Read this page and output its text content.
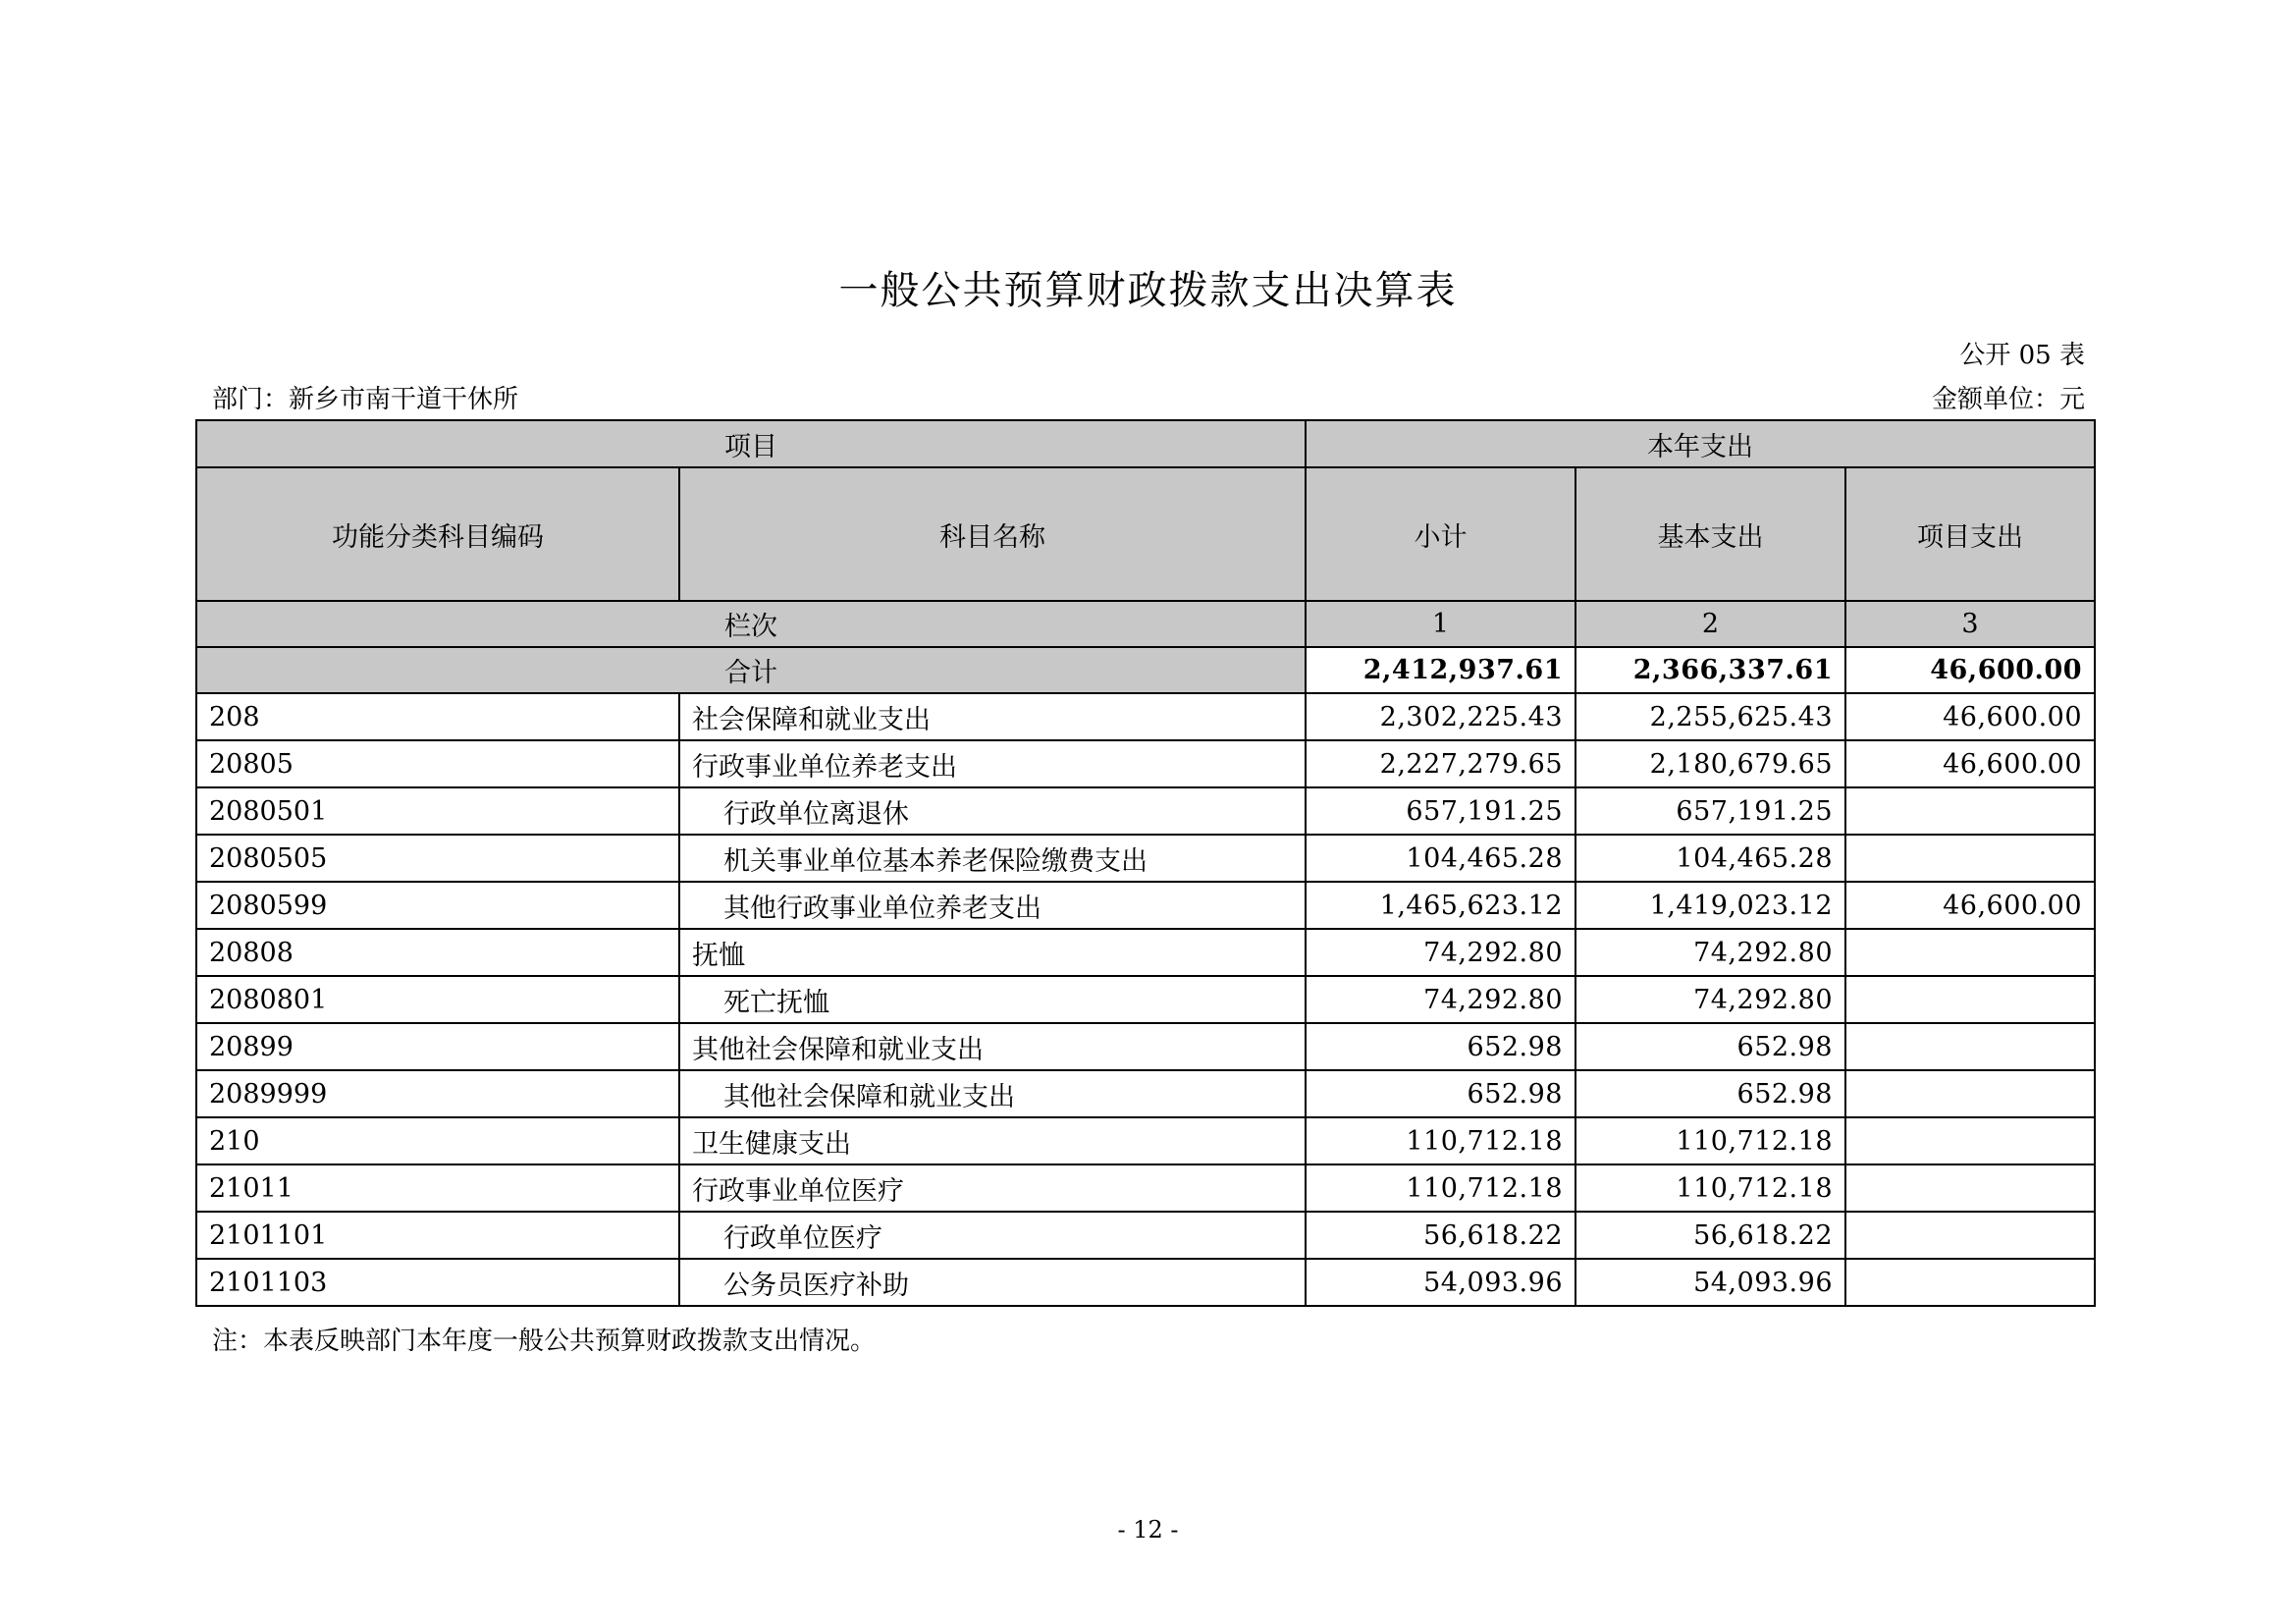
一般公共预算财政拨款支出决算表
公开 05 表
部门：新乡市南干道干休所	金额单位：元
项目		本年支出		
功能分类科目编码	科目名称	小计	基本支出	项目支出
栏次		1	2	3
合计		2,412,937.61	2,366,337.61	46,600.00
208	社会保障和就业支出	2,302,225.43	2,255,625.43	46,600.00
20805	行政事业单位养老支出	2,227,279.65	2,180,679.65	46,600.00
2080501	行政单位离退休	657,191.25	657,191.25	
2080505	机关事业单位基本养老保险缴费支出	104,465.28	104,465.28	
2080599	其他行政事业单位养老支出	1,465,623.12	1,419,023.12	46,600.00
20808	抚恤	74,292.80	74,292.80	
2080801	死亡抚恤	74,292.80	74,292.80	
20899	其他社会保障和就业支出	652.98	652.98	
2089999	其他社会保障和就业支出	652.98	652.98	
210	卫生健康支出	110,712.18	110,712.18	
21011	行政事业单位医疗	110,712.18	110,712.18	
2101101	行政单位医疗	56,618.22	56,618.22	
2101103	公务员医疗补助	54,093.96	54,093.96	
注：本表反映部门本年度一般公共预算财政拨款支出情况。
- 12 -
